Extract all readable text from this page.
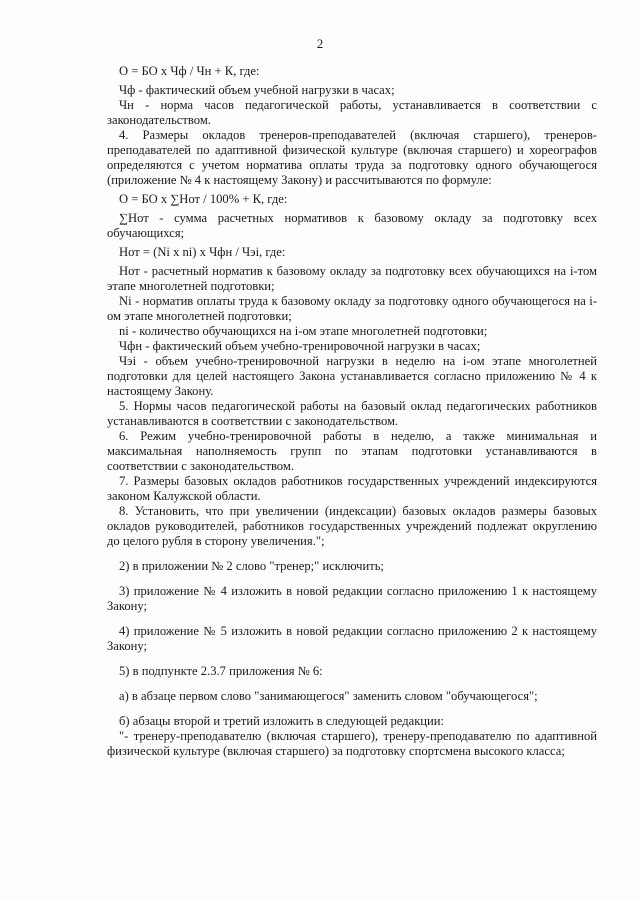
2

О = БО х Чф / Чн + К, где:

Чф - фактический объем учебной нагрузки в часах;

Чн - норма часов педагогической работы, устанавливается в соответствии с законодательством.

4. Размеры окладов тренеров-преподавателей (включая старшего), тренеров-преподавателей по адаптивной физической культуре (включая старшего) и хореографов определяются с учетом норматива оплаты труда за подготовку одного обучающегося (приложение № 4 к настоящему Закону) и рассчитываются по формуле:

О = БО х ∑Нот / 100% + К, где:

∑Нот - сумма расчетных нормативов к базовому окладу за подготовку всех обучающихся;

Нот = (Ni x ni) х Чфн / Чэi, где:

Нот - расчетный норматив к базовому окладу за подготовку всех обучающихся на i-том этапе многолетней подготовки;

Ni - норматив оплаты труда к базовому окладу за подготовку одного обучающегося на i-ом этапе многолетней подготовки;

ni - количество обучающихся на i-ом этапе многолетней подготовки;

Чфн - фактический объем учебно-тренировочной нагрузки в часах;

Чэi - объем учебно-тренировочной нагрузки в неделю на i-ом этапе многолетней подготовки для целей настоящего Закона устанавливается согласно приложению № 4 к настоящему Закону.

5. Нормы часов педагогической работы на базовый оклад педагогических работников устанавливаются в соответствии с законодательством.

6. Режим учебно-тренировочной работы в неделю, а также минимальная и максимальная наполняемость групп по этапам подготовки устанавливаются в соответствии с законодательством.

7. Размеры базовых окладов работников государственных учреждений индексируются законом Калужской области.

8. Установить, что при увеличении (индексации) базовых окладов размеры базовых окладов руководителей, работников государственных учреждений подлежат округлению до целого рубля в сторону увеличения.";

2) в приложении № 2 слово "тренер;" исключить;

3) приложение № 4 изложить в новой редакции согласно приложению 1 к настоящему Закону;

4) приложение № 5 изложить в новой редакции согласно приложению 2 к настоящему Закону;

5) в подпункте 2.3.7 приложения № 6:

а) в абзаце первом слово "занимающегося" заменить словом "обучающегося";

б) абзацы второй и третий изложить в следующей редакции:

"- тренеру-преподавателю (включая старшего), тренеру-преподавателю по адаптивной физической культуре (включая старшего) за подготовку спортсмена высокого класса;
